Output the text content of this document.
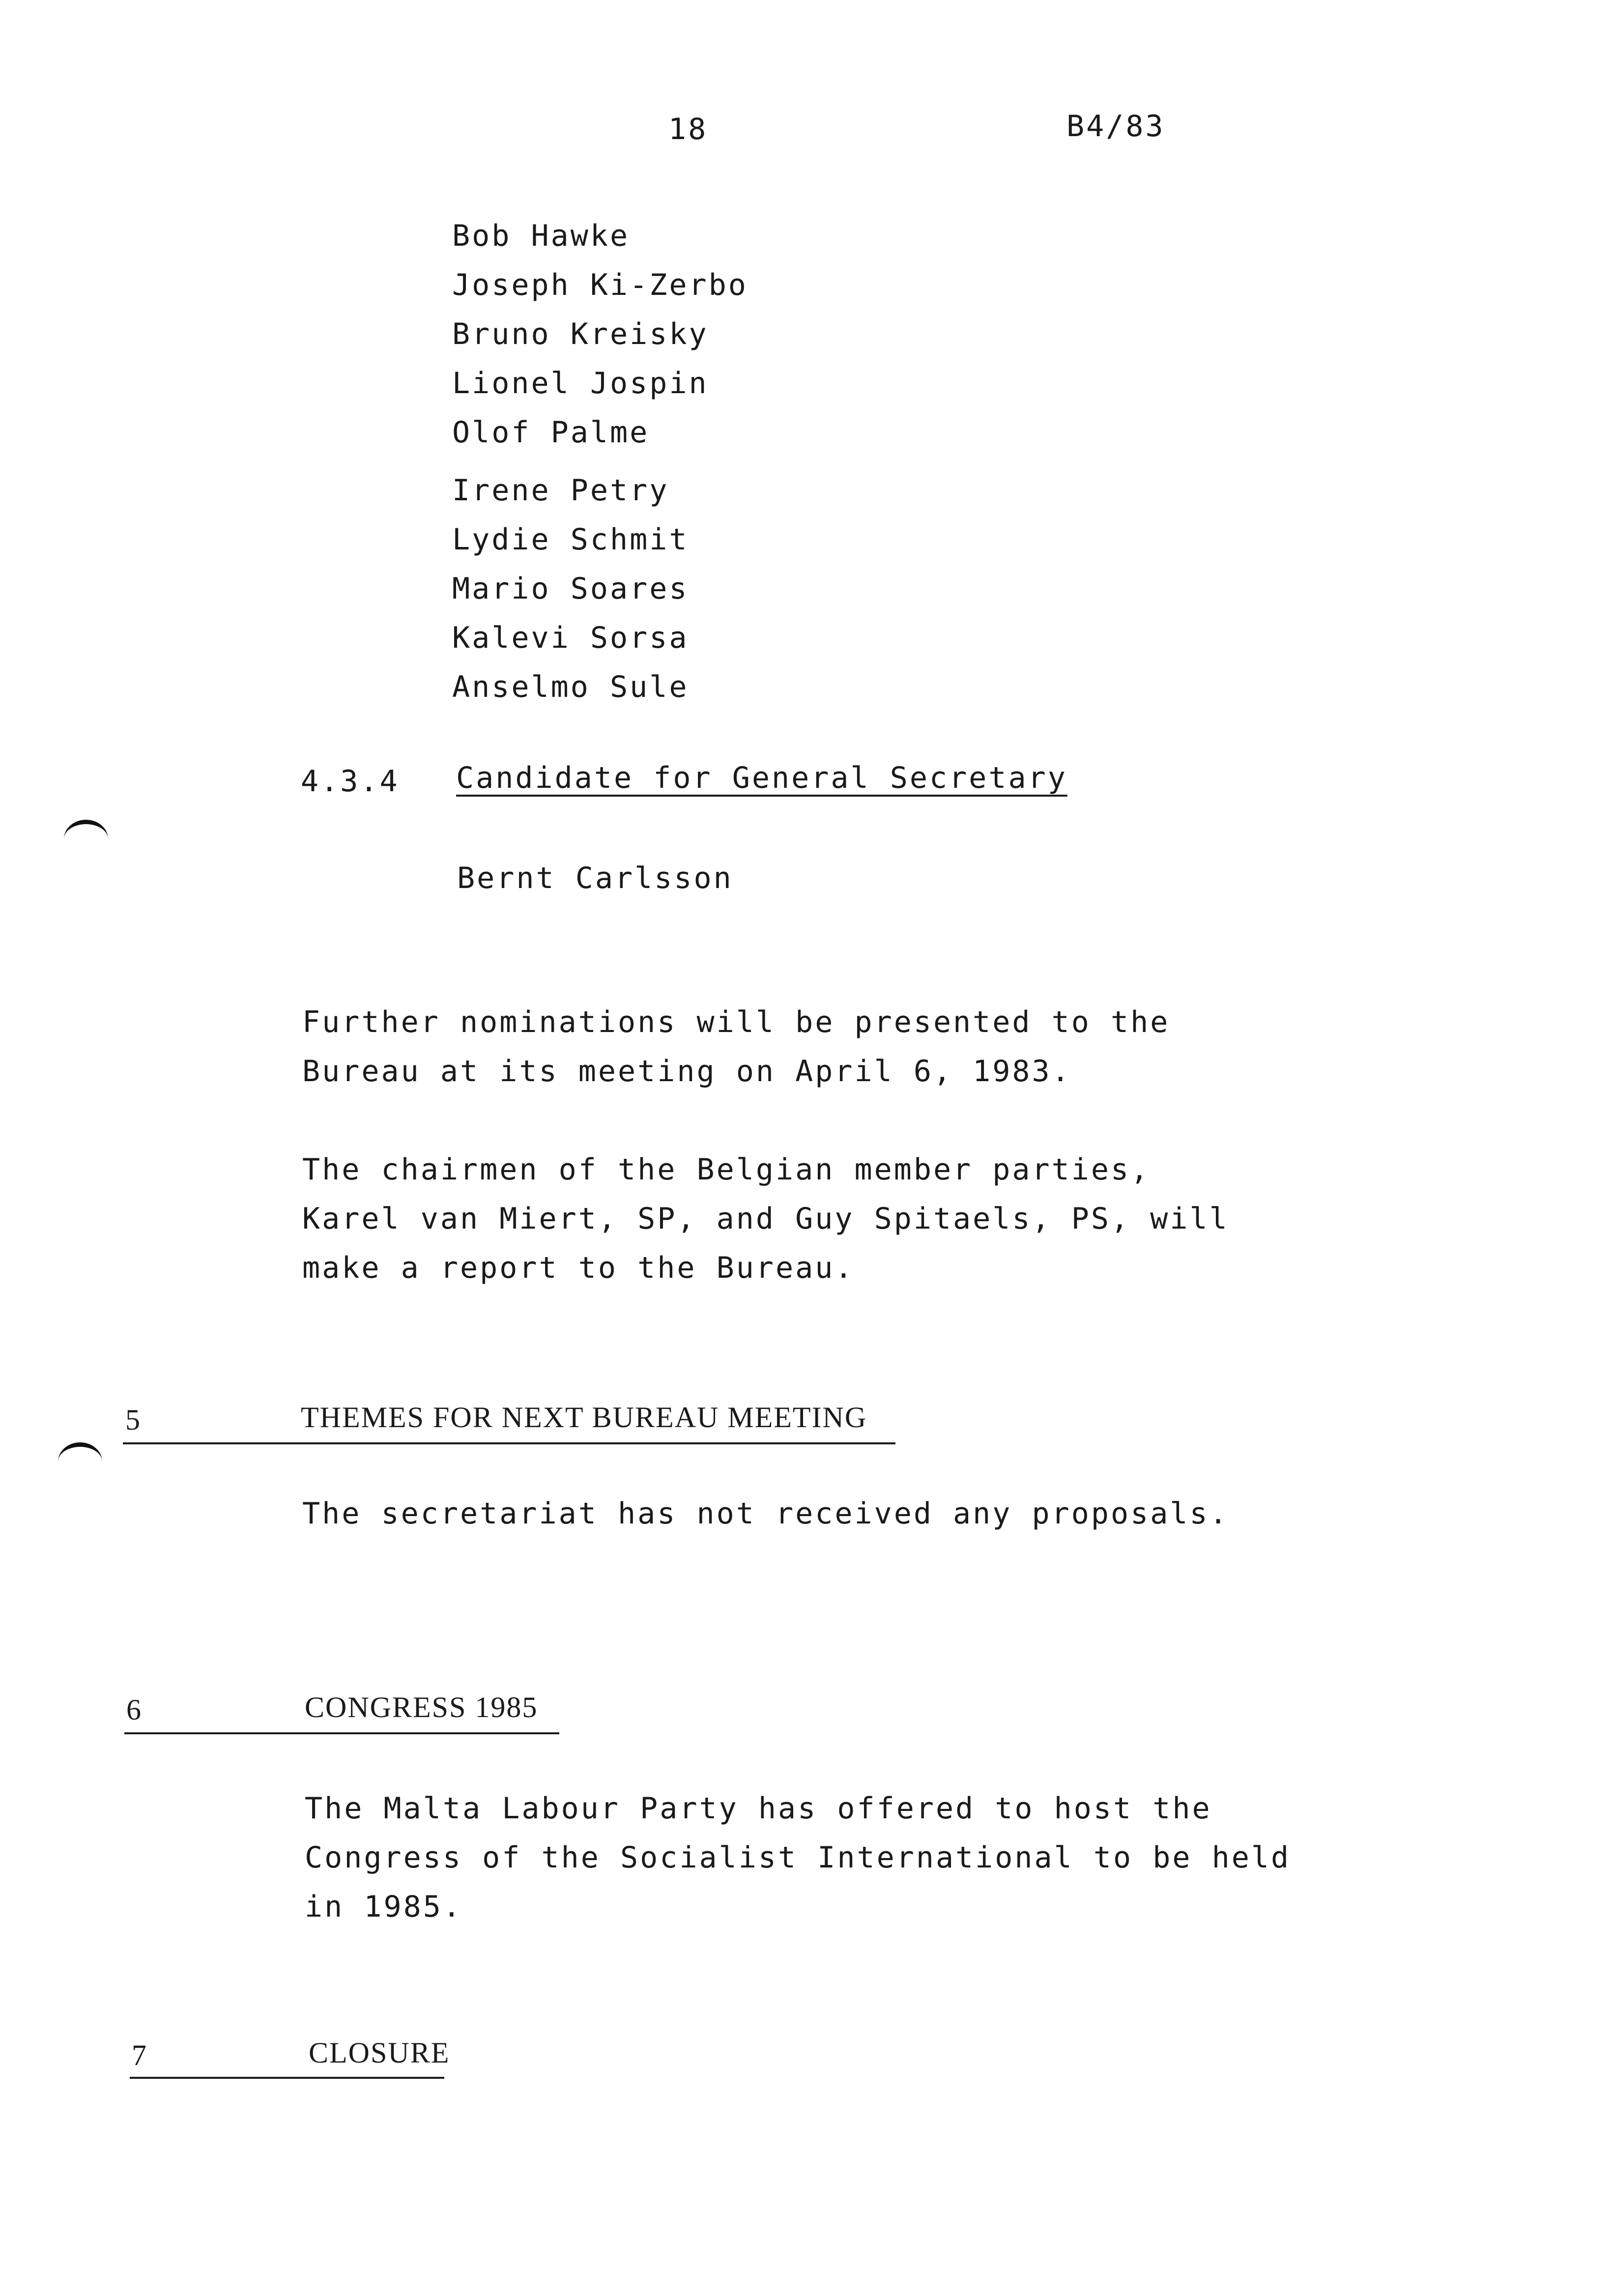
18	B4/83
Bob Hawke
Joseph Ki-Zerbo
Bruno Kreisky
Lionel Jospin
Olof Palme
Irene Petry
Lydie Schmit
Mario Soares
Kalevi Sorsa
Anselmo Sule
4.3.4 Candidate for General Secretary
Bernt Carlsson
Further nominations will be presented to the
Bureau at its meeting on April 6, 1983.
The chairmen of the Belgian member parties,
Karel van Miert, SP, and Guy Spitaels, PS, will
make a report to the Bureau.
5	THEMES FOR NEXT BUREAU MEETING
The secretariat has not received any proposals.
6	CONGRESS 1985
The Malta Labour Party has offered to host the
Congress of the Socialist International to be held
in 1985.
7	CLOSURE
